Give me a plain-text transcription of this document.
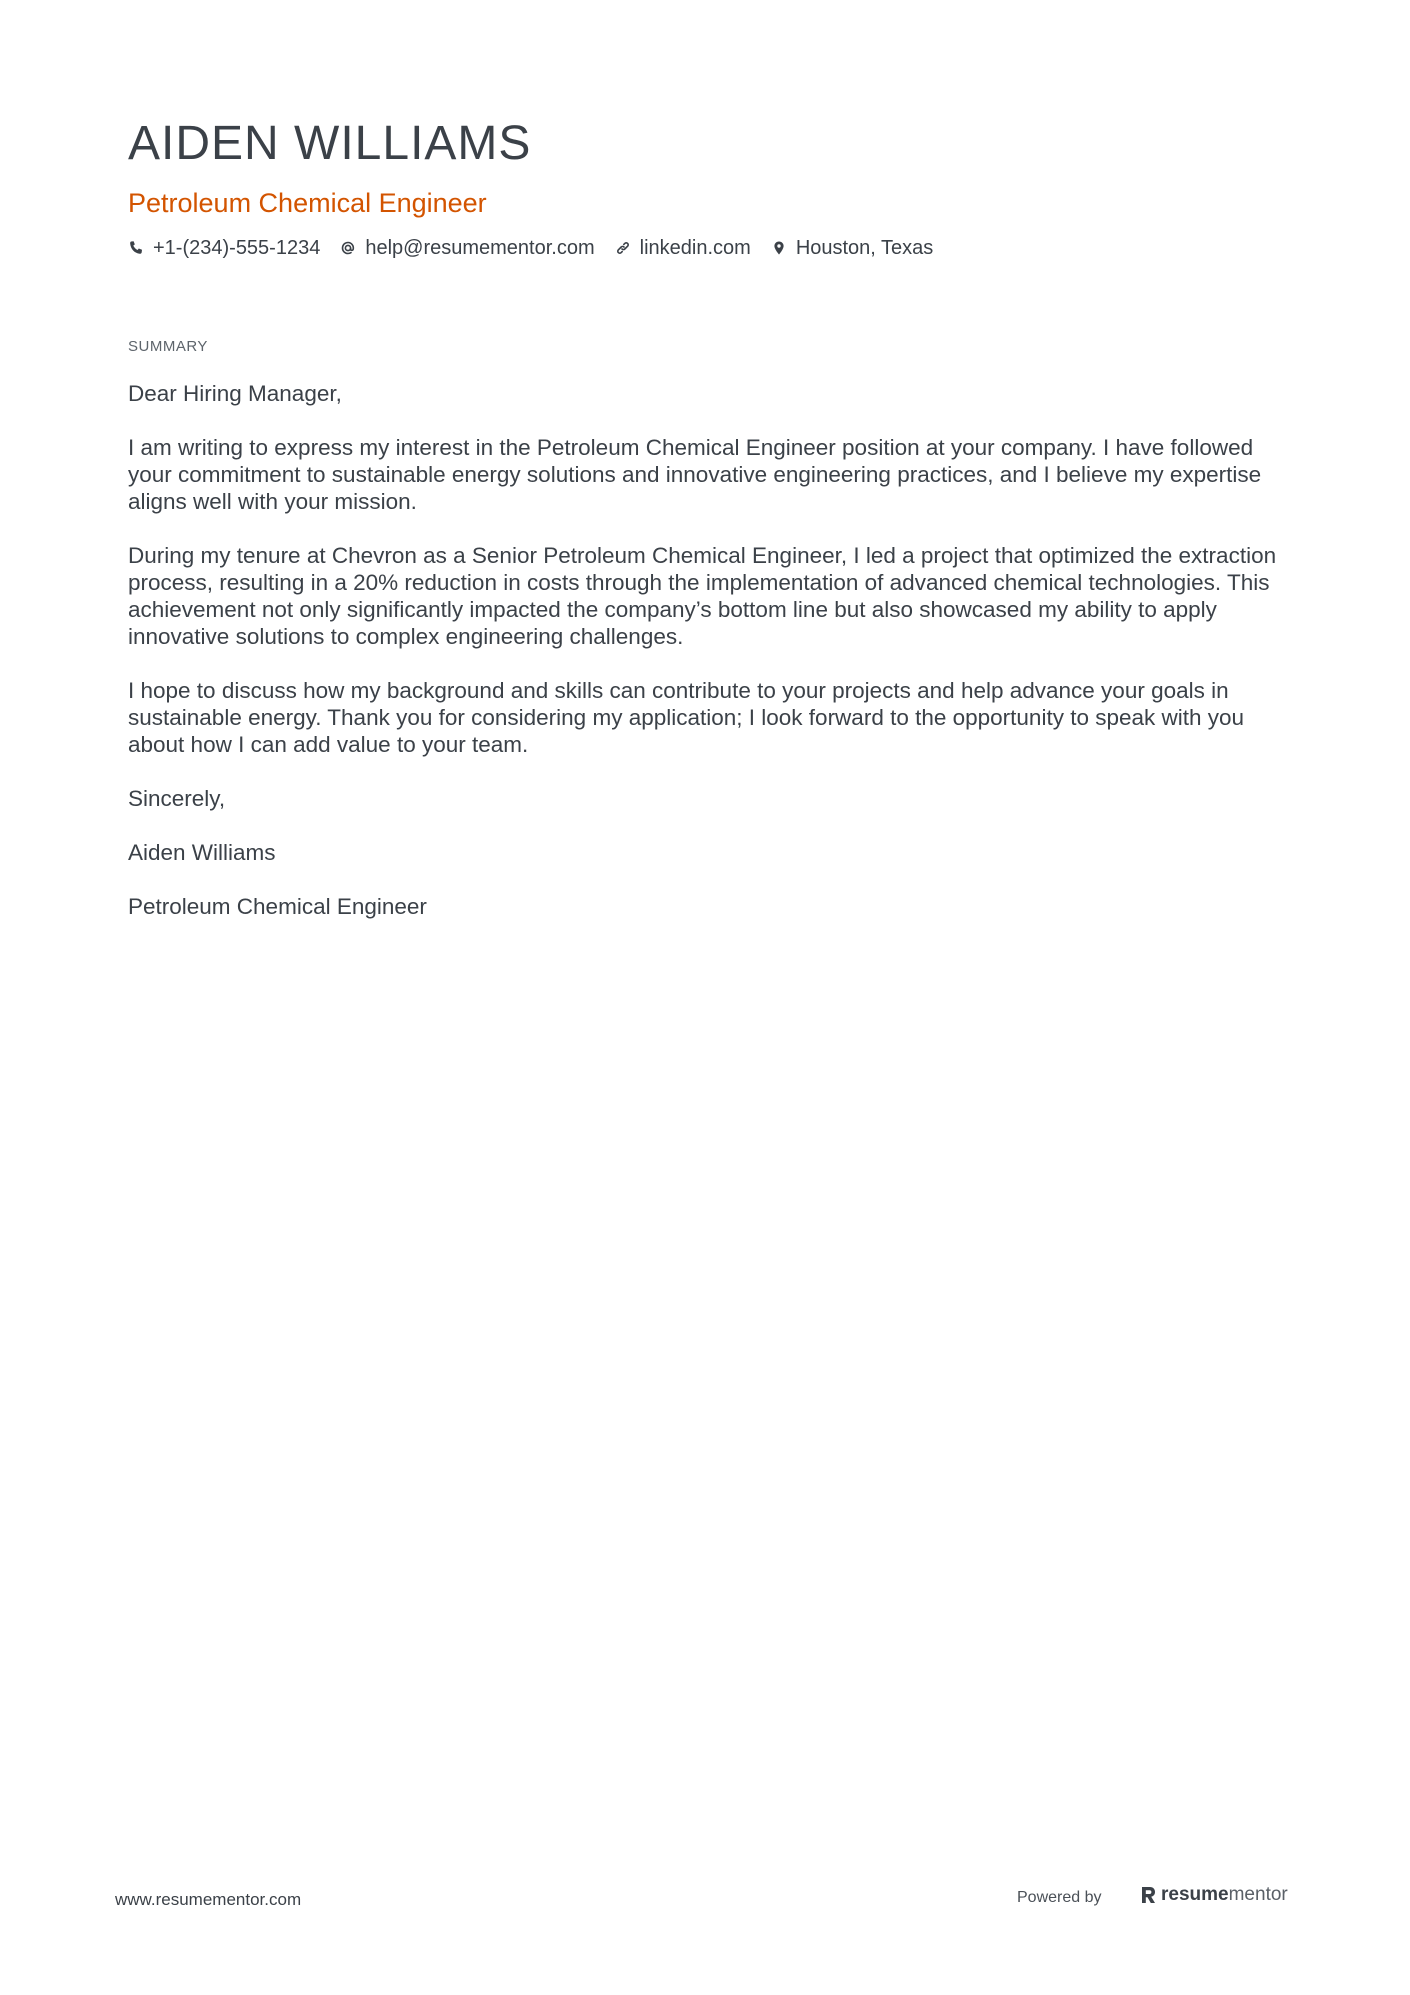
AIDEN WILLIAMS
Petroleum Chemical Engineer
+1-(234)-555-1234 help@resumementor.com linkedin.com Houston, Texas
SUMMARY

Dear Hiring Manager,

I am writing to express my interest in the Petroleum Chemical Engineer position at your company. I have followed your commitment to sustainable energy solutions and innovative engineering practices, and I believe my expertise aligns well with your mission.

During my tenure at Chevron as a Senior Petroleum Chemical Engineer, I led a project that optimized the extraction process, resulting in a 20% reduction in costs through the implementation of advanced chemical technologies. This achievement not only significantly impacted the company’s bottom line but also showcased my ability to apply innovative solutions to complex engineering challenges.

I hope to discuss how my background and skills can contribute to your projects and help advance your goals in sustainable energy. Thank you for considering my application; I look forward to the opportunity to speak with you about how I can add value to your team.

Sincerely,

Aiden Williams

Petroleum Chemical Engineer

www.resumementor.com	Powered by	resume mentor
